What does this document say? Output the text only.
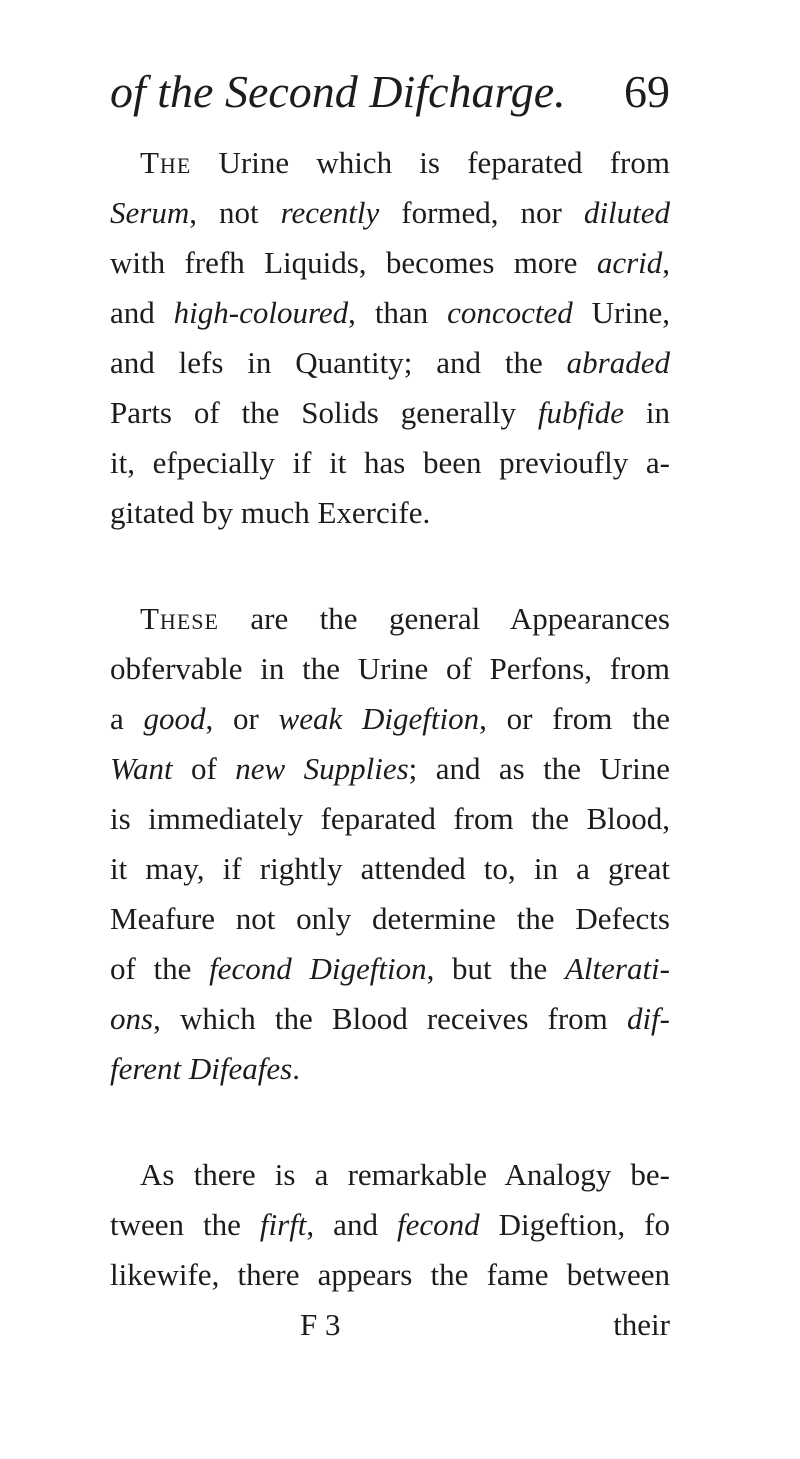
of the Second Difcharge. 69
The Urine which is feparated from
Serum, not recently formed, nor diluted
with frefh Liquids, becomes more acrid,
and high-coloured, than concocted Urine,
and lefs in Quantity; and the abraded
Parts of the Solids generally fubfide in
it, efpecially if it has been previoufly a-
gitated by much Exercife.
These are the general Appearances
obfervable in the Urine of Perfons, from
a good, or weak Digeftion, or from the
Want of new Supplies; and as the Urine
is immediately feparated from the Blood,
it may, if rightly attended to, in a great
Meafure not only determine the Defects
of the fecond Digeftion, but the Alterati-
ons, which the Blood receives from dif-
ferent Difeafes.
As there is a remarkable Analogy be-
tween the firft, and fecond Digeftion, fo
likewife, there appears the fame between
F 3	their
